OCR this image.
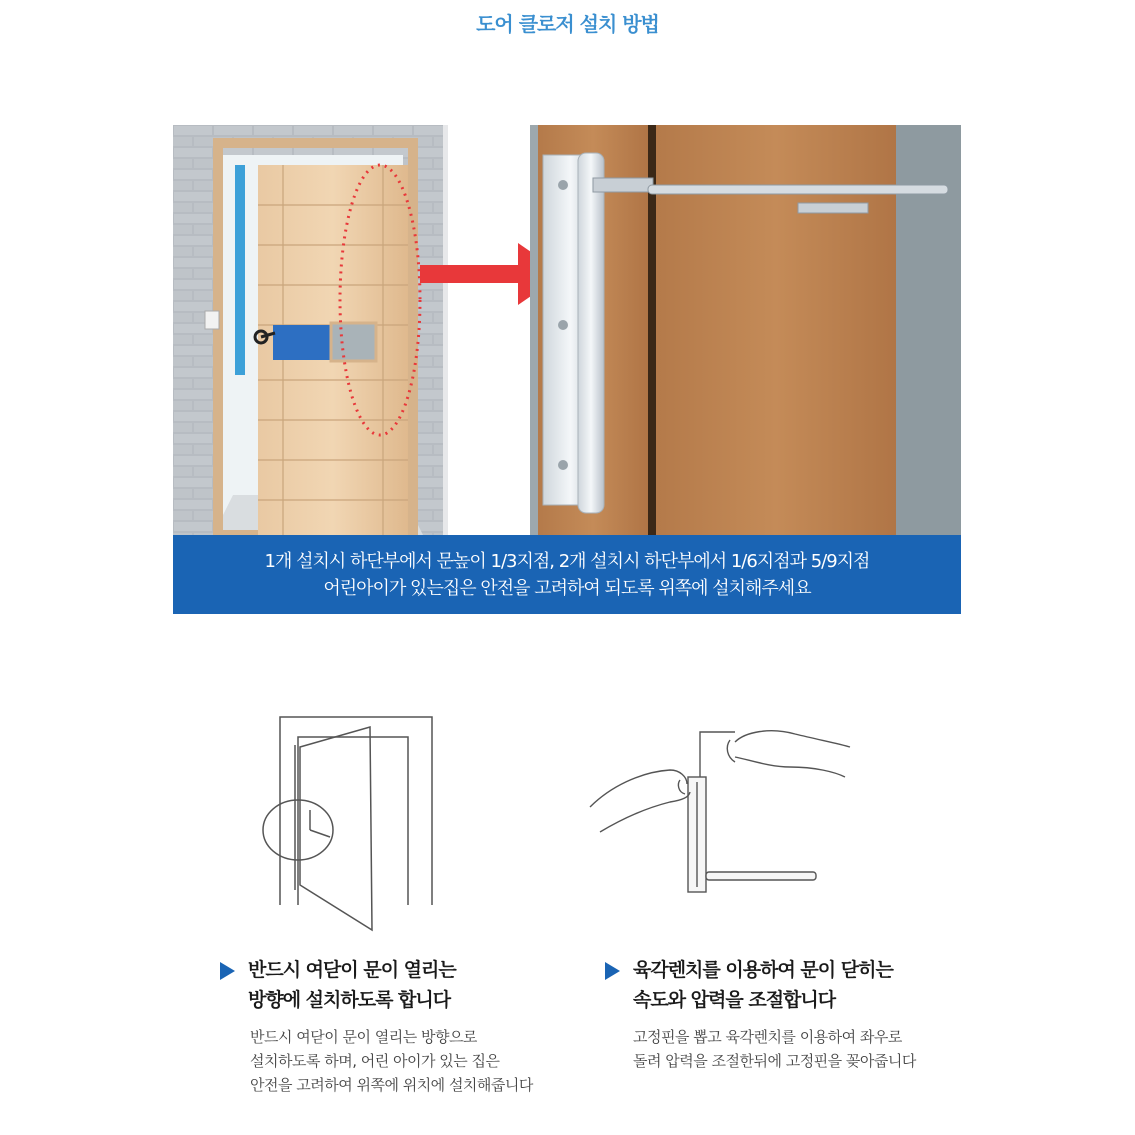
도어 클로저 설치 방법
1개 설치시 하단부에서 문높이 1/3지점, 2개 설치시 하단부에서 1/6지점과 5/9지점
어린아이가 있는집은 안전을 고려하여 되도록 위쪽에 설치해주세요
반드시 여닫이 문이 열리는
방향에 설치하도록 합니다
반드시 여닫이 문이 열리는 방향으로
설치하도록 하며, 어린 아이가 있는 집은
안전을 고려하여 위쪽에 위치에 설치해줍니다
육각렌치를 이용하여 문이 닫히는
속도와 압력을 조절합니다
고정핀을 뽑고 육각렌치를 이용하여 좌우로
돌려 압력을 조절한뒤에 고정핀을 꽂아줍니다
